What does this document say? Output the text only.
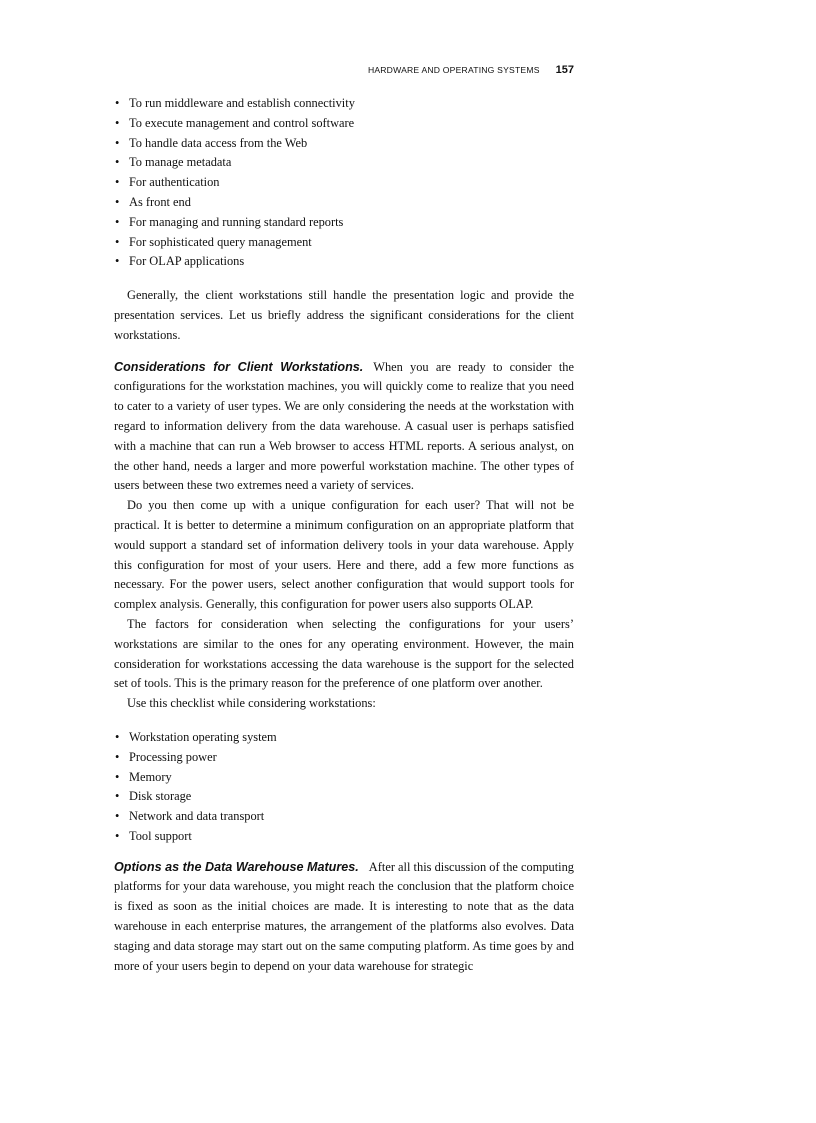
HARDWARE AND OPERATING SYSTEMS 157
• To run middleware and establish connectivity
• To execute management and control software
• To handle data access from the Web
• To manage metadata
• For authentication
• As front end
• For managing and running standard reports
• For sophisticated query management
• For OLAP applications

Generally, the client workstations still handle the presentation logic and provide the presentation services. Let us briefly address the significant considerations for the client workstations.

Considerations for Client Workstations. When you are ready to consider the configurations for the workstation machines, you will quickly come to realize that you need to cater to a variety of user types. We are only considering the needs at the workstation with regard to information delivery from the data warehouse. A casual user is perhaps satisfied with a machine that can run a Web browser to access HTML reports. A serious analyst, on the other hand, needs a larger and more powerful workstation machine. The other types of users between these two extremes need a variety of services.

Do you then come up with a unique configuration for each user? That will not be practical. It is better to determine a minimum configuration on an appropriate platform that would support a standard set of information delivery tools in your data warehouse. Apply this configuration for most of your users. Here and there, add a few more functions as necessary. For the power users, select another configuration that would support tools for complex analysis. Generally, this configuration for power users also supports OLAP.

The factors for consideration when selecting the configurations for your users’ workstations are similar to the ones for any operating environment. However, the main consideration for workstations accessing the data warehouse is the support for the selected set of tools. This is the primary reason for the preference of one platform over another.

Use this checklist while considering workstations:

• Workstation operating system
• Processing power
• Memory
• Disk storage
• Network and data transport
• Tool support

Options as the Data Warehouse Matures. After all this discussion of the computing platforms for your data warehouse, you might reach the conclusion that the platform choice is fixed as soon as the initial choices are made. It is interesting to note that as the data warehouse in each enterprise matures, the arrangement of the platforms also evolves. Data staging and data storage may start out on the same computing platform. As time goes by and more of your users begin to depend on your data warehouse for strategic
